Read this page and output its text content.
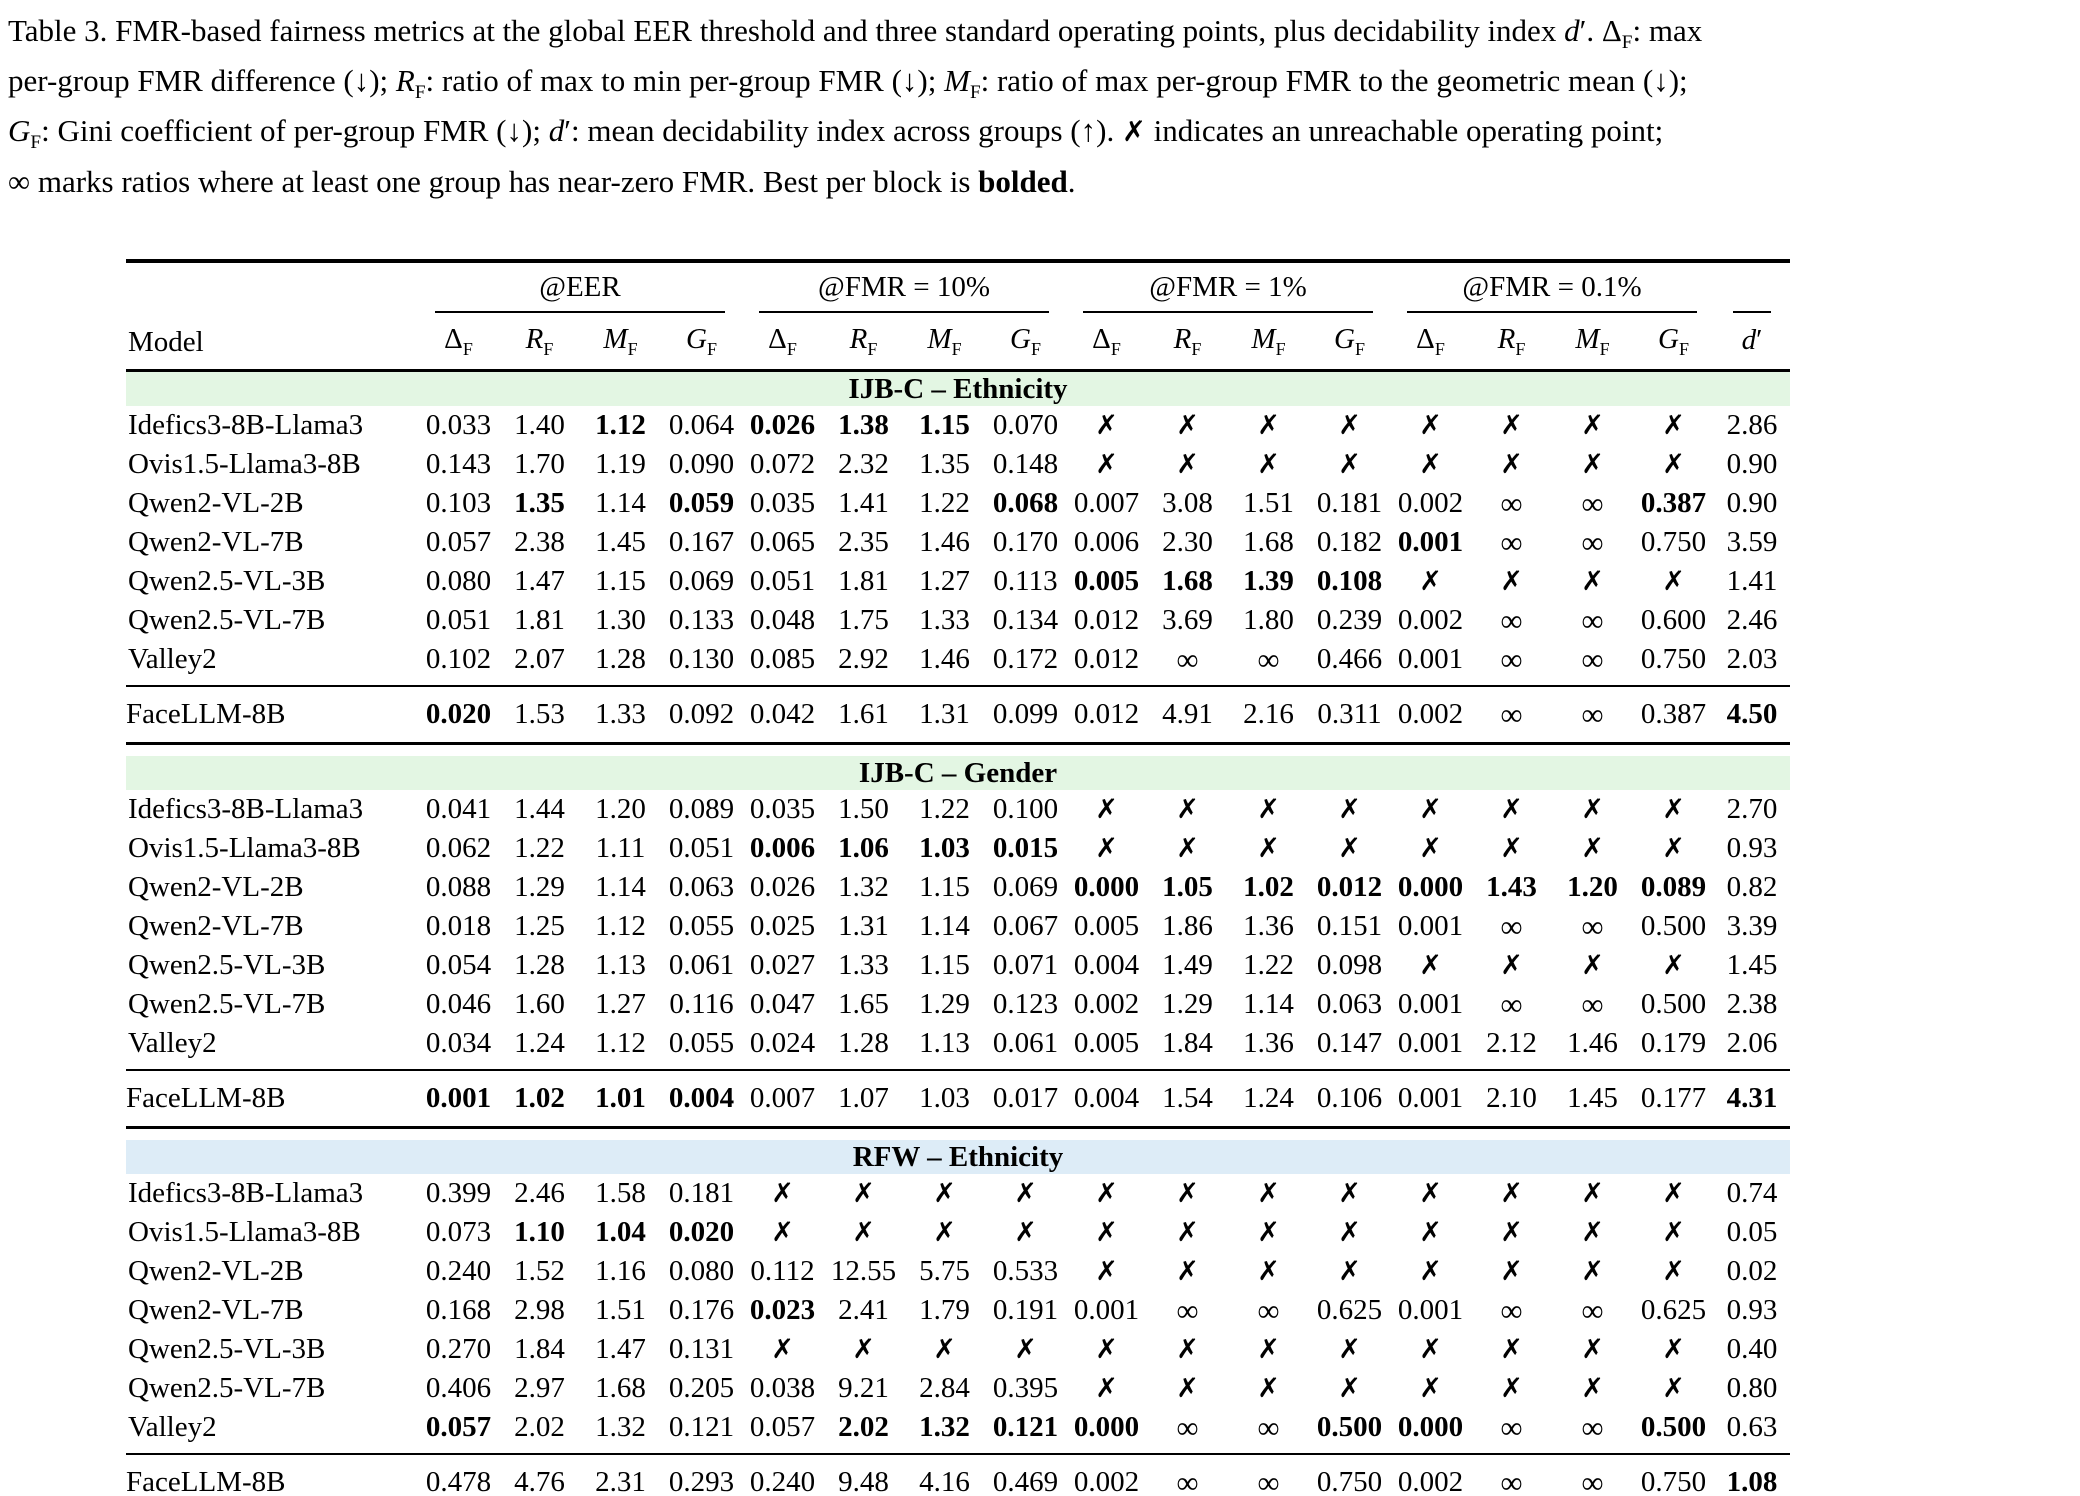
Table 3. FMR-based fairness metrics at the global EER threshold and three standard operating points, plus decidability index d′. $\Delta_F$: max
per-group FMR difference (↓); $R_F$: ratio of max to min per-group FMR (↓); $M_F$: ratio of max per-group FMR to the geometric mean (↓);
$G_F$: Gini coefficient of per-group FMR (↓); d′: mean decidability index across groups (↑). ✗ indicates an unreachable operating point;
∞ marks ratios where at least one group has near-zero FMR. Best per block is bolded.
Model	@EER				@FMR = 10%				@FMR = 1%				@FMR = 0.1%				

	$\Delta_F$	$R_F$	$M_F$	$G_F$	$\Delta_F$	$R_F$	$M_F$	$G_F$	$\Delta_F$	$R_F$	$M_F$	$G_F$	$\Delta_F$	$R_F$	$M_F$	$G_F$	d′
IJB-C – Ethnicity																	
Idefics3-8B-Llama3	0.033	1.40	1.12	0.064	0.026	1.38	1.15	0.070	✗	✗	✗	✗	✗	✗	✗	✗	2.86
Ovis1.5-Llama3-8B	0.143	1.70	1.19	0.090	0.072	2.32	1.35	0.148	✗	✗	✗	✗	✗	✗	✗	✗	0.90
Qwen2-VL-2B	0.103	1.35	1.14	0.059	0.035	1.41	1.22	0.068	0.007	3.08	1.51	0.181	0.002	∞	∞	0.387	0.90
Qwen2-VL-7B	0.057	2.38	1.45	0.167	0.065	2.35	1.46	0.170	0.006	2.30	1.68	0.182	0.001	∞	∞	0.750	3.59
Qwen2.5-VL-3B	0.080	1.47	1.15	0.069	0.051	1.81	1.27	0.113	0.005	1.68	1.39	0.108	✗	✗	✗	✗	1.41
Qwen2.5-VL-7B	0.051	1.81	1.30	0.133	0.048	1.75	1.33	0.134	0.012	3.69	1.80	0.239	0.002	∞	∞	0.600	2.46
Valley2	0.102	2.07	1.28	0.130	0.085	2.92	1.46	0.172	0.012	∞	∞	0.466	0.001	∞	∞	0.750	2.03
FaceLLM-8B	0.020	1.53	1.33	0.092	0.042	1.61	1.31	0.099	0.012	4.91	2.16	0.311	0.002	∞	∞	0.387	4.50

IJB-C – Gender																	
Idefics3-8B-Llama3	0.041	1.44	1.20	0.089	0.035	1.50	1.22	0.100	✗	✗	✗	✗	✗	✗	✗	✗	2.70
Ovis1.5-Llama3-8B	0.062	1.22	1.11	0.051	0.006	1.06	1.03	0.015	✗	✗	✗	✗	✗	✗	✗	✗	0.93
Qwen2-VL-2B	0.088	1.29	1.14	0.063	0.026	1.32	1.15	0.069	0.000	1.05	1.02	0.012	0.000	1.43	1.20	0.089	0.82
Qwen2-VL-7B	0.018	1.25	1.12	0.055	0.025	1.31	1.14	0.067	0.005	1.86	1.36	0.151	0.001	∞	∞	0.500	3.39
Qwen2.5-VL-3B	0.054	1.28	1.13	0.061	0.027	1.33	1.15	0.071	0.004	1.49	1.22	0.098	✗	✗	✗	✗	1.45
Qwen2.5-VL-7B	0.046	1.60	1.27	0.116	0.047	1.65	1.29	0.123	0.002	1.29	1.14	0.063	0.001	∞	∞	0.500	2.38
Valley2	0.034	1.24	1.12	0.055	0.024	1.28	1.13	0.061	0.005	1.84	1.36	0.147	0.001	2.12	1.46	0.179	2.06
FaceLLM-8B	0.001	1.02	1.01	0.004	0.007	1.07	1.03	0.017	0.004	1.54	1.24	0.106	0.001	2.10	1.45	0.177	4.31

RFW – Ethnicity																	
Idefics3-8B-Llama3	0.399	2.46	1.58	0.181	✗	✗	✗	✗	✗	✗	✗	✗	✗	✗	✗	✗	0.74
Ovis1.5-Llama3-8B	0.073	1.10	1.04	0.020	✗	✗	✗	✗	✗	✗	✗	✗	✗	✗	✗	✗	0.05
Qwen2-VL-2B	0.240	1.52	1.16	0.080	0.112	12.55	5.75	0.533	✗	✗	✗	✗	✗	✗	✗	✗	0.02
Qwen2-VL-7B	0.168	2.98	1.51	0.176	0.023	2.41	1.79	0.191	0.001	∞	∞	0.625	0.001	∞	∞	0.625	0.93
Qwen2.5-VL-3B	0.270	1.84	1.47	0.131	✗	✗	✗	✗	✗	✗	✗	✗	✗	✗	✗	✗	0.40
Qwen2.5-VL-7B	0.406	2.97	1.68	0.205	0.038	9.21	2.84	0.395	✗	✗	✗	✗	✗	✗	✗	✗	0.80
Valley2	0.057	2.02	1.32	0.121	0.057	2.02	1.32	0.121	0.000	∞	∞	0.500	0.000	∞	∞	0.500	0.63
FaceLLM-8B	0.478	4.76	2.31	0.293	0.240	9.48	4.16	0.469	0.002	∞	∞	0.750	0.002	∞	∞	0.750	1.08
